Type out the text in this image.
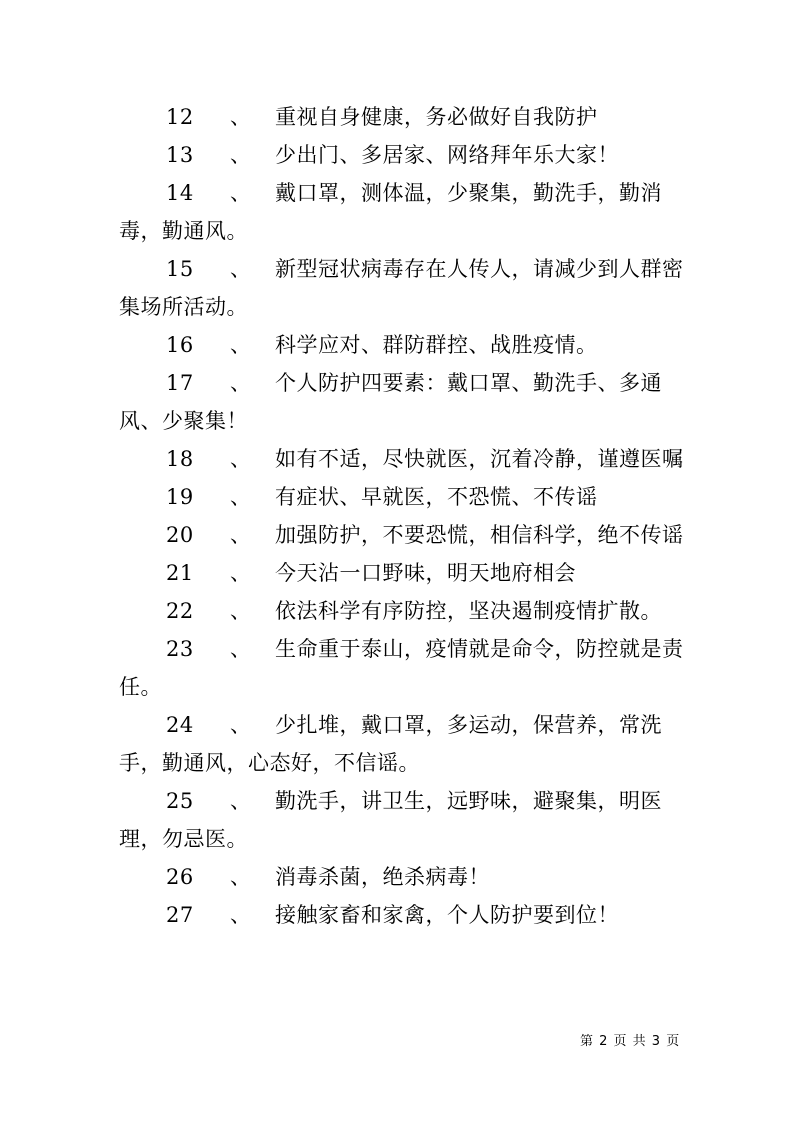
12 、 重视自身健康，务必做好自我防护

13 、 少出门、多居家、网络拜年乐大家！

14 、 戴口罩，测体温，少聚集，勤洗手，勤消毒，勤通风。

15 、 新型冠状病毒存在人传人，请减少到人群密集场所活动。

16 、 科学应对、群防群控、战胜疫情。

17 、 个人防护四要素：戴口罩、勤洗手、多通风、少聚集！

18 、 如有不适，尽快就医，沉着冷静，谨遵医嘱

19 、 有症状、早就医，不恐慌、不传谣

20 、 加强防护，不要恐慌，相信科学，绝不传谣

21 、 今天沾一口野味，明天地府相会

22 、 依法科学有序防控，坚决遏制疫情扩散。

23 、 生命重于泰山，疫情就是命令，防控就是责任。

24 、 少扎堆，戴口罩，多运动，保营养，常洗手，勤通风，心态好，不信谣。

25 、 勤洗手，讲卫生，远野味，避聚集，明医理，勿忌医。

26 、 消毒杀菌，绝杀病毒！

27 、 接触家畜和家禽，个人防护要到位！

第 2 页 共 3 页
